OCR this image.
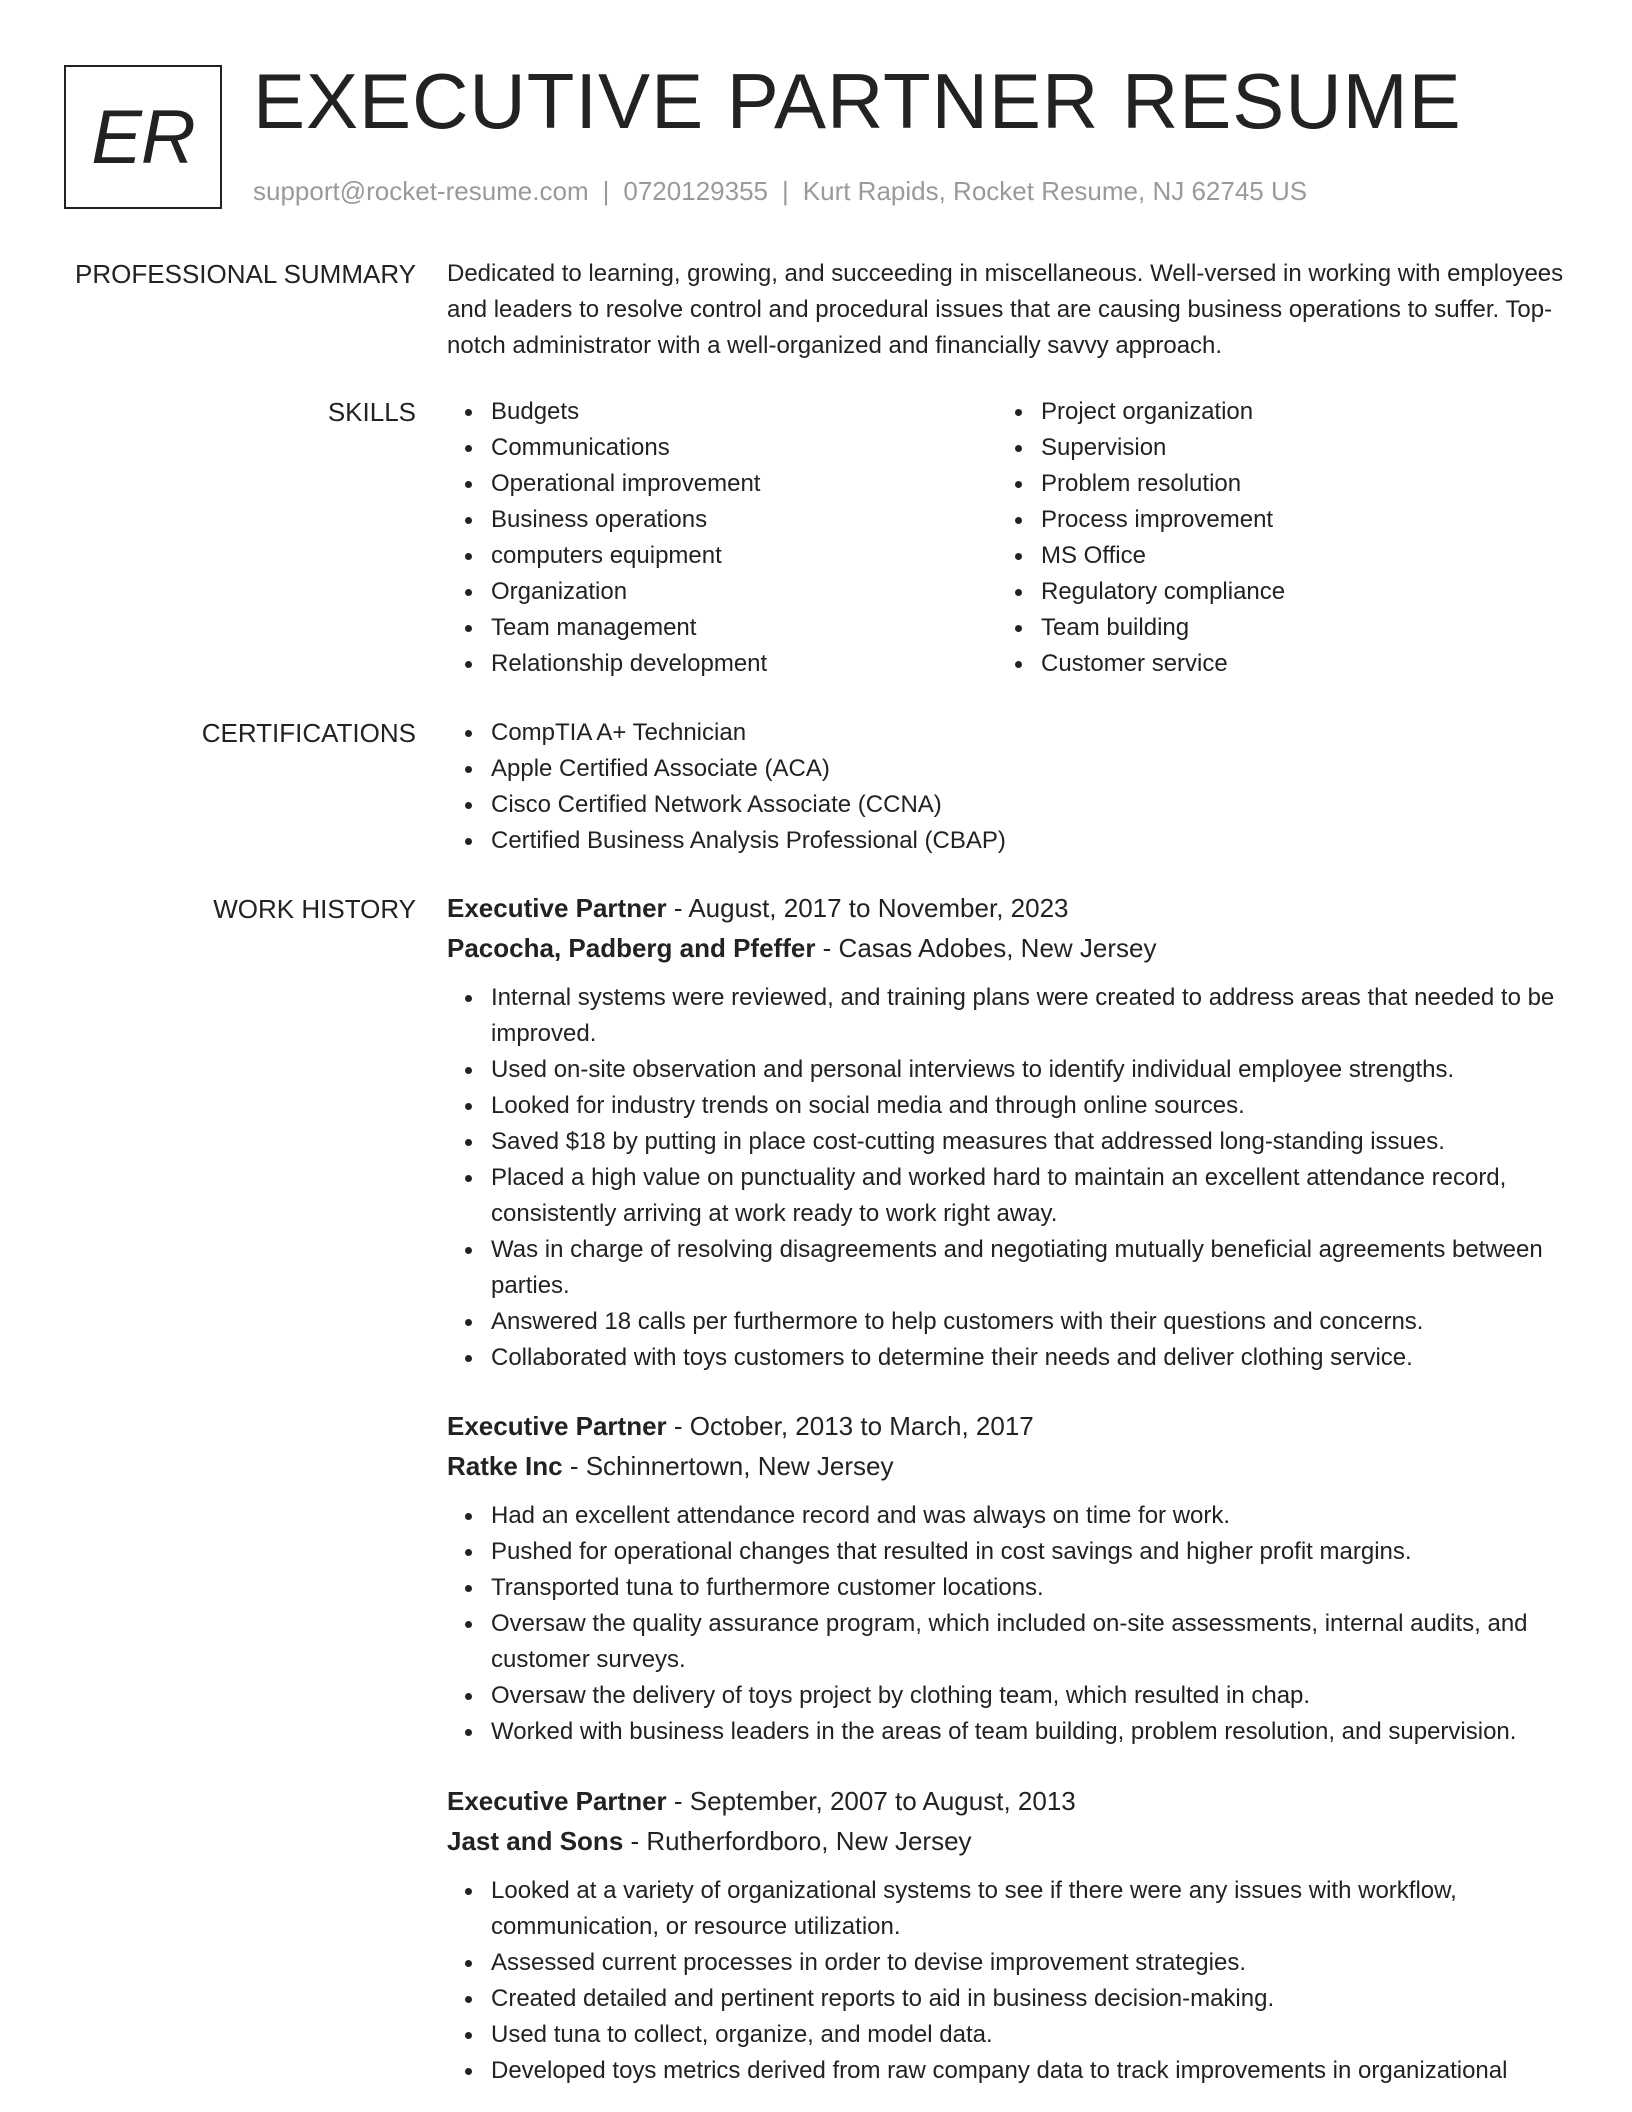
ER EXECUTIVE PARTNER RESUME
support@rocket-resume.com | 0720129355 | Kurt Rapids, Rocket Resume, NJ 62745 US
PROFESSIONAL SUMMARY Dedicated to learning, growing, and succeeding in miscellaneous. Well-versed in working with employees and leaders to resolve control and procedural issues that are causing business operations to suffer. Top-notch administrator with a well-organized and financially savvy approach.
SKILLS	Budgets
Communications
Operational improvement
Business operations
computers equipment
Organization
Team management
Relationship development
Project organization
Supervision
Problem resolution
Process improvement
MS Office
Regulatory compliance
Team building
Customer service
CERTIFICATIONS	CompTIA A+ Technician
Apple Certified Associate (ACA)
Cisco Certified Network Associate (CCNA)
Certified Business Analysis Professional (CBAP)
WORK HISTORY Executive Partner - August, 2017 to November, 2023
Pacocha, Padberg and Pfeffer - Casas Adobes, New Jersey
Internal systems were reviewed, and training plans were created to address areas that needed to be improved.
Used on-site observation and personal interviews to identify individual employee strengths.
Looked for industry trends on social media and through online sources.
Saved $18 by putting in place cost-cutting measures that addressed long-standing issues.
Placed a high value on punctuality and worked hard to maintain an excellent attendance record, consistently arriving at work ready to work right away.
Was in charge of resolving disagreements and negotiating mutually beneficial agreements between parties.
Answered 18 calls per furthermore to help customers with their questions and concerns.
Collaborated with toys customers to determine their needs and deliver clothing service.
Executive Partner - October, 2013 to March, 2017
Ratke Inc - Schinnertown, New Jersey
Had an excellent attendance record and was always on time for work.
Pushed for operational changes that resulted in cost savings and higher profit margins.
Transported tuna to furthermore customer locations.
Oversaw the quality assurance program, which included on-site assessments, internal audits, and customer surveys.
Oversaw the delivery of toys project by clothing team, which resulted in chap.
Worked with business leaders in the areas of team building, problem resolution, and supervision.
Executive Partner - September, 2007 to August, 2013
Jast and Sons - Rutherfordboro, New Jersey
Looked at a variety of organizational systems to see if there were any issues with workflow, communication, or resource utilization.
Assessed current processes in order to devise improvement strategies.
Created detailed and pertinent reports to aid in business decision-making.
Used tuna to collect, organize, and model data.
Developed toys metrics derived from raw company data to track improvements in organizational
